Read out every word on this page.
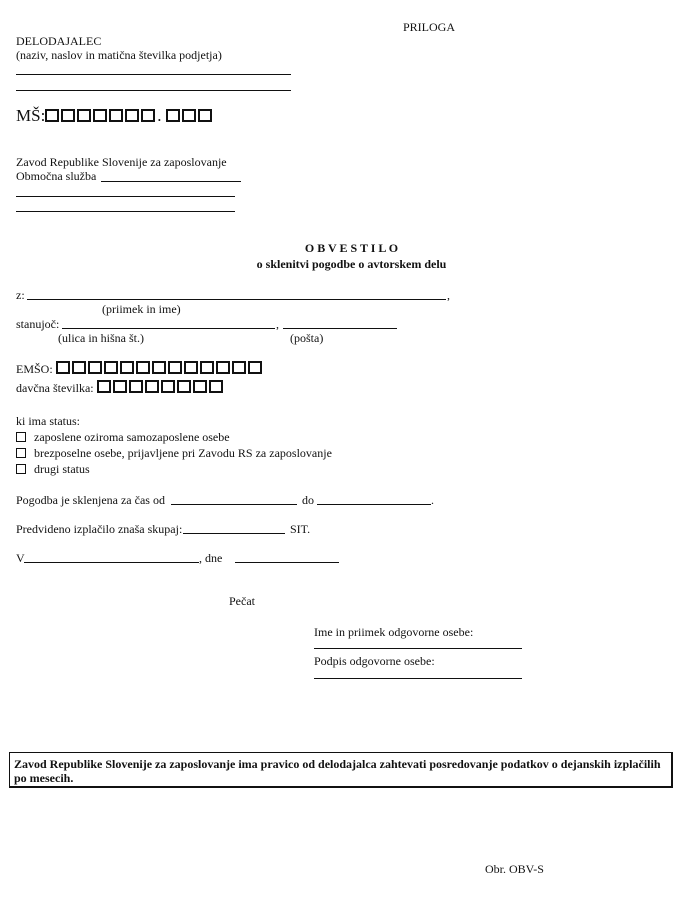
PRILOGA
DELODAJALEC
(naziv, naslov in matična številka podjetja)
MŠ:	.
Zavod Republike Slovenije za zaposlovanje
Območna služba
O B V E S T I L O
o sklenitvi pogodbe o avtorskem delu
z:	,
(priimek in ime)
stanujoč:	,
(ulica in hišna št.)	(pošta)
EMŠO:
davčna številka:
ki ima status:
zaposlene oziroma samozaposlene osebe
brezposelne osebe, prijavljene pri Zavodu RS za zaposlovanje
drugi status
Pogodba je sklenjena za čas od	do	.
Predvideno izplačilo znaša skupaj:	SIT.
V	, dne
Pečat
Ime in priimek odgovorne osebe:
Podpis odgovorne osebe:
Zavod Republike Slovenije za zaposlovanje ima pravico od delodajalca zahtevati posredovanje podatkov o dejanskih izplačilih po mesecih.
Obr. OBV-S
